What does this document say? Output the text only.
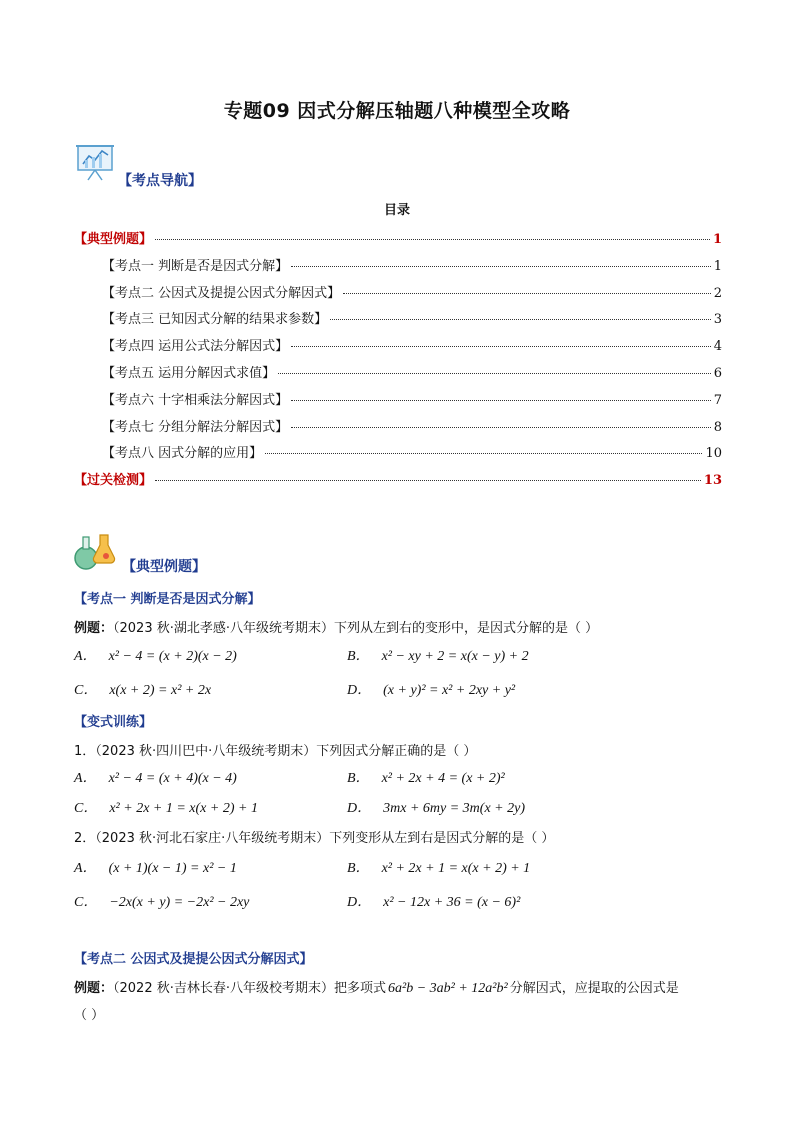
专题09 因式分解压轴题八种模型全攻略
【考点导航】
目录
【典型例题】	1
【考点一 判断是否是因式分解】	1
【考点二 公因式及提提公因式分解因式】	2
【考点三 已知因式分解的结果求参数】	3
【考点四 运用公式法分解因式】	4
【考点五 运用分解因式求值】	6
【考点六 十字相乘法分解因式】	7
【考点七 分组分解法分解因式】	8
【考点八 因式分解的应用】	10
【过关检测】	13
【典型例题】
【考点一 判断是否是因式分解】
例题：（2023 秋·湖北孝感·八年级统考期末）下列从左到右的变形中，是因式分解的是（ ）
A． x² − 4 = (x + 2)(x − 2)	B． x² − xy + 2 = x(x − y) + 2
C． x(x + 2) = x² + 2x	D． (x + y)² = x² + 2xy + y²
【变式训练】
1．（2023 秋·四川巴中·八年级统考期末）下列因式分解正确的是（ ）
A． x² − 4 = (x + 4)(x − 4)	B． x² + 2x + 4 = (x + 2)²
C． x² + 2x + 1 = x(x + 2) + 1	D． 3mx + 6my = 3m(x + 2y)
2．（2023 秋·河北石家庄·八年级统考期末）下列变形从左到右是因式分解的是（ ）
A． (x + 1)(x − 1) = x² − 1	B． x² + 2x + 1 = x(x + 2) + 1
C． −2x(x + y) = −2x² − 2xy	D． x² − 12x + 36 = (x − 6)²
【考点二 公因式及提提公因式分解因式】
例题：（2022 秋·吉林长春·八年级校考期末）把多项式 6a²b − 3ab² + 12a²b² 分解因式，应提取的公因式是
（ ）
